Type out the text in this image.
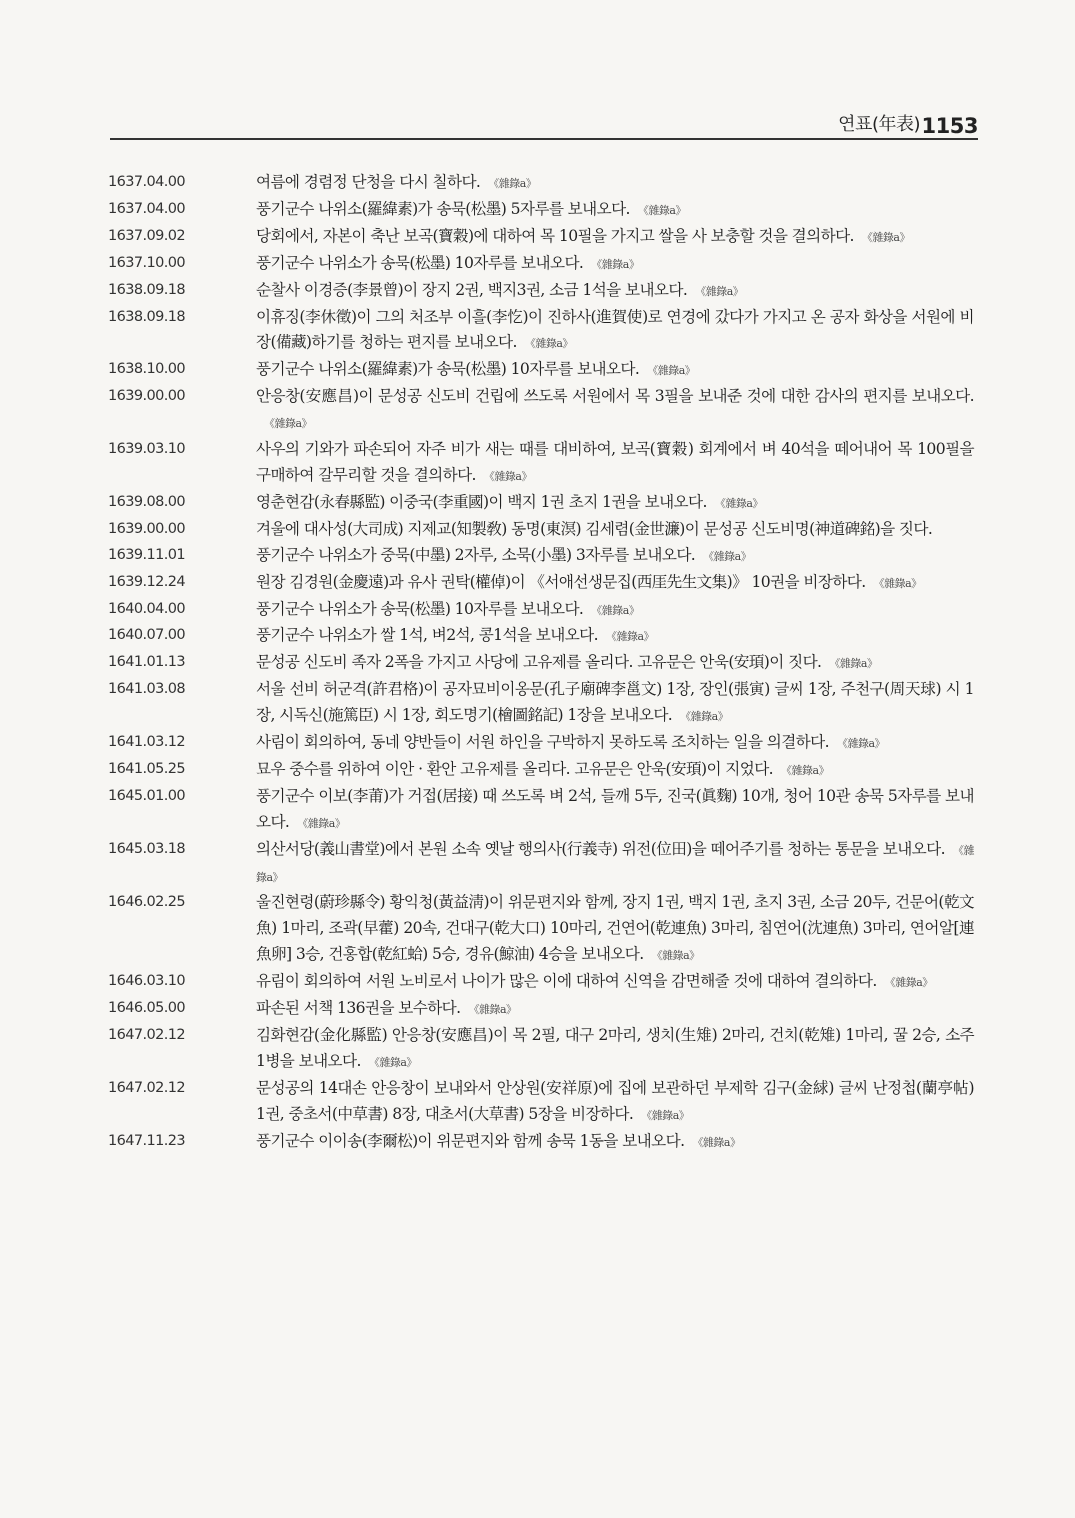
연표(年表) 1153
1637.04.00	여름에 경렴정 단청을 다시 칠하다. 《雜錄a》
1637.04.00	풍기군수 나위소(羅緯素)가 송묵(松墨) 5자루를 보내오다. 《雜錄a》
1637.09.02	당회에서, 자본이 축난 보곡(寶穀)에 대하여 목 10필을 가지고 쌀을 사 보충할 것을 결의하다. 《雜錄a》
1637.10.00	풍기군수 나위소가 송묵(松墨) 10자루를 보내오다. 《雜錄a》
1638.09.18	순찰사 이경증(李景曾)이 장지 2권, 백지3권, 소금 1석을 보내오다. 《雜錄a》
1638.09.18	이휴징(李休徵)이 그의 처조부 이흘(李忔)이 진하사(進賀使)로 연경에 갔다가 가지고 온 공자 화상을 서원에 비장(備藏)하기를 청하는 편지를 보내오다. 《雜錄a》
1638.10.00	풍기군수 나위소(羅緯素)가 송묵(松墨) 10자루를 보내오다. 《雜錄a》
1639.00.00	안응창(安應昌)이 문성공 신도비 건립에 쓰도록 서원에서 목 3필을 보내준 것에 대한 감사의 편지를 보내오다.《雜錄a》
1639.03.10	사우의 기와가 파손되어 자주 비가 새는 때를 대비하여, 보곡(寶穀) 회계에서 벼 40석을 떼어내어 목 100필을 구매하여 갈무리할 것을 결의하다. 《雜錄a》
1639.08.00	영춘현감(永春縣監) 이중국(李重國)이 백지 1권 초지 1권을 보내오다. 《雜錄a》
1639.00.00	겨울에 대사성(大司成) 지제교(知製敎) 동명(東溟) 김세렴(金世濂)이 문성공 신도비명(神道碑銘)을 짓다.
1639.11.01	풍기군수 나위소가 중묵(中墨) 2자루, 소묵(小墨) 3자루를 보내오다. 《雜錄a》
1639.12.24	원장 김경원(金慶遠)과 유사 권탁(權倬)이 《서애선생문집(西厓先生文集)》 10권을 비장하다. 《雜錄a》
1640.04.00	풍기군수 나위소가 송묵(松墨) 10자루를 보내오다. 《雜錄a》
1640.07.00	풍기군수 나위소가 쌀 1석, 벼2석, 콩1석을 보내오다. 《雜錄a》
1641.01.13	문성공 신도비 족자 2폭을 가지고 사당에 고유제를 올리다. 고유문은 안욱(安頊)이 짓다. 《雜錄a》
1641.03.08	서울 선비 허군격(許君格)이 공자묘비이옹문(孔子廟碑李邕文) 1장, 장인(張寅) 글씨 1장, 주천구(周天球) 시 1장, 시독신(施篤臣) 시 1장, 회도명기(檜圖銘記) 1장을 보내오다. 《雜錄a》
1641.03.12	사림이 회의하여, 동네 양반들이 서원 하인을 구박하지 못하도록 조치하는 일을 의결하다. 《雜錄a》
1641.05.25	묘우 중수를 위하여 이안 · 환안 고유제를 올리다. 고유문은 안욱(安頊)이 지었다. 《雜錄a》
1645.01.00	풍기군수 이보(李莆)가 거접(居接) 때 쓰도록 벼 2석, 들깨 5두, 진국(眞麴) 10개, 청어 10관 송묵 5자루를 보내오다. 《雜錄a》
1645.03.18	의산서당(義山書堂)에서 본원 소속 옛날 행의사(行義寺) 위전(位田)을 떼어주기를 청하는 통문을 보내오다. 《雜錄a》
1646.02.25	울진현령(蔚珍縣令) 황익청(黃益淸)이 위문편지와 함께, 장지 1권, 백지 1권, 초지 3권, 소금 20두, 건문어(乾文魚) 1마리, 조곽(早藿) 20속, 건대구(乾大口) 10마리, 건연어(乾連魚) 3마리, 침연어(沈連魚) 3마리, 연어알[連魚卵] 3승, 건홍합(乾紅蛤) 5승, 경유(鯨油) 4승을 보내오다. 《雜錄a》
1646.03.10	유림이 회의하여 서원 노비로서 나이가 많은 이에 대하여 신역을 감면해줄 것에 대하여 결의하다. 《雜錄a》
1646.05.00	파손된 서책 136권을 보수하다. 《雜錄a》
1647.02.12	김화현감(金化縣監) 안응창(安應昌)이 목 2필, 대구 2마리, 생치(生雉) 2마리, 건치(乾雉) 1마리, 꿀 2승, 소주 1병을 보내오다. 《雜錄a》
1647.02.12	문성공의 14대손 안응창이 보내와서 안상원(安祥原)에 집에 보관하던 부제학 김구(金絿) 글씨 난정첩(蘭亭帖) 1권, 중초서(中草書) 8장, 대초서(大草書) 5장을 비장하다. 《雜錄a》
1647.11.23	풍기군수 이이송(李爾松)이 위문편지와 함께 송묵 1동을 보내오다. 《雜錄a》
